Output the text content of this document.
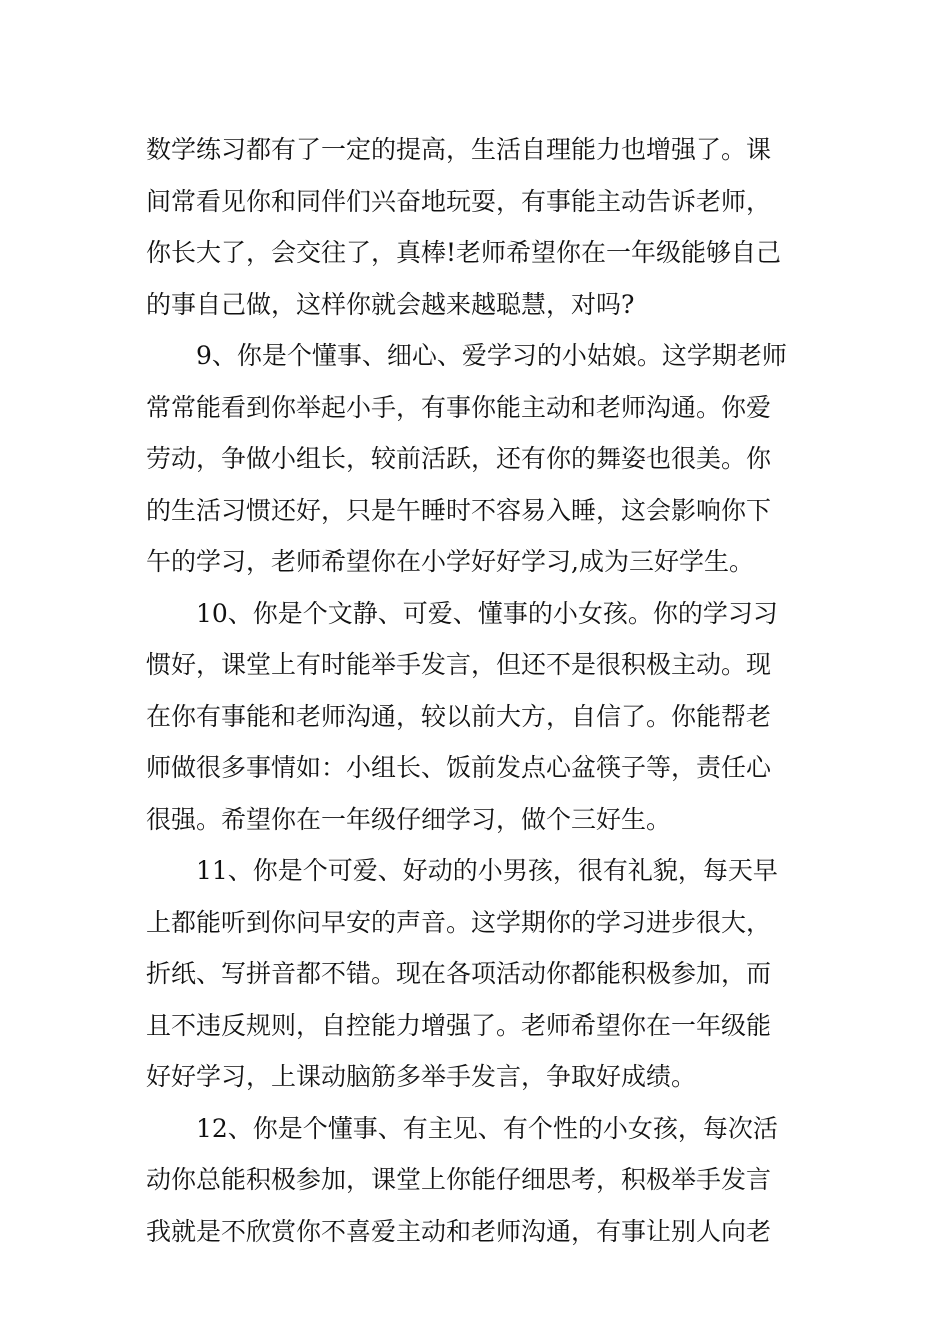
数学练习都有了一定的提高，生活自理能力也增强了。课
间常看见你和同伴们兴奋地玩耍，有事能主动告诉老师，
你长大了，会交往了，真棒!老师希望你在一年级能够自己
的事自己做，这样你就会越来越聪慧，对吗?
9、你是个懂事、细心、爱学习的小姑娘。这学期老师
常常能看到你举起小手，有事你能主动和老师沟通。你爱
劳动，争做小组长，较前活跃，还有你的舞姿也很美。你
的生活习惯还好，只是午睡时不容易入睡，这会影响你下
午的学习，老师希望你在小学好好学习,成为三好学生。
10、你是个文静、可爱、懂事的小女孩。你的学习习
惯好，课堂上有时能举手发言，但还不是很积极主动。现
在你有事能和老师沟通，较以前大方，自信了。你能帮老
师做很多事情如：小组长、饭前发点心盆筷子等，责任心
很强。希望你在一年级仔细学习，做个三好生。
11、你是个可爱、好动的小男孩，很有礼貌，每天早
上都能听到你问早安的声音。这学期你的学习进步很大，
折纸、写拼音都不错。现在各项活动你都能积极参加，而
且不违反规则，自控能力增强了。老师希望你在一年级能
好好学习，上课动脑筋多举手发言，争取好成绩。
12、你是个懂事、有主见、有个性的小女孩，每次活
动你总能积极参加，课堂上你能仔细思考，积极举手发言
我就是不欣赏你不喜爱主动和老师沟通，有事让别人向老
